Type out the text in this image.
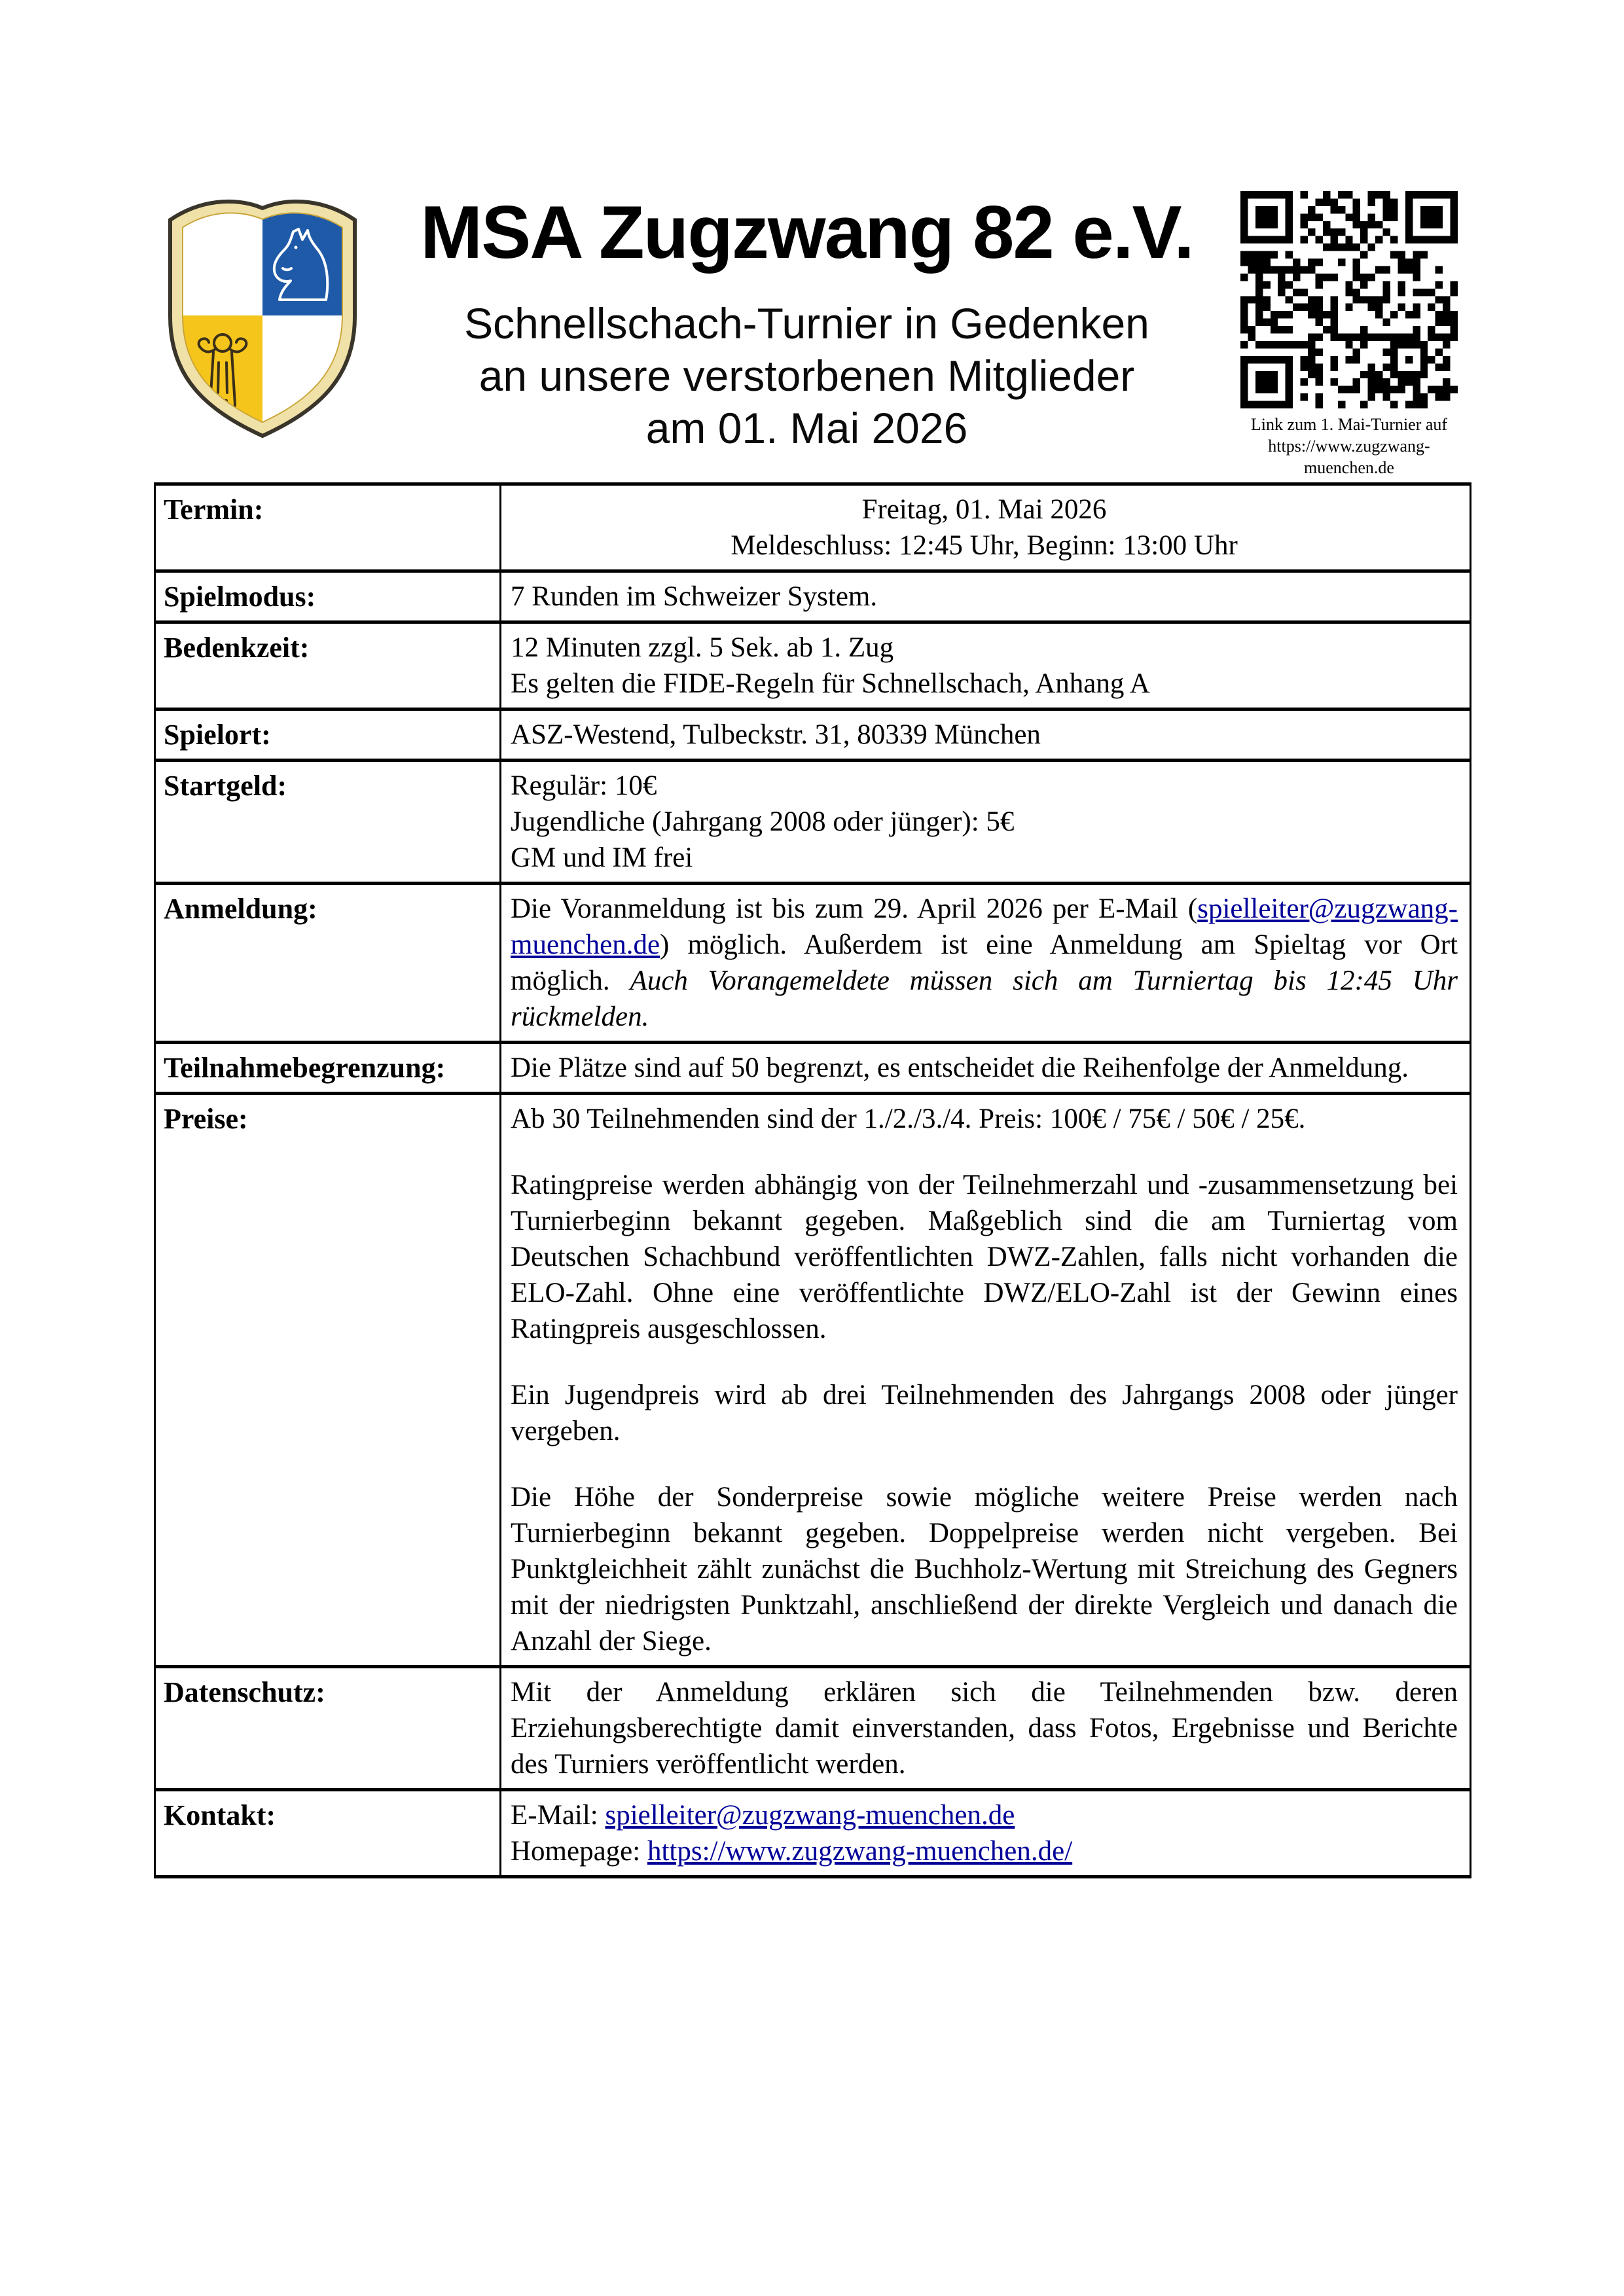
MSA Zugzwang 82 e.V.
Schnellschach-Turnier in Gedenken
an unsere verstorbenen Mitglieder
am 01. Mai 2026	Link zum 1. Mai-Turnier auf
https://www.zugzwang-muenchen.de
Termin:	Freitag, 01. Mai 2026
Meldeschluss: 12:45 Uhr, Beginn: 13:00 Uhr

Spielmodus:	7 Runden im Schweizer System.
Bedenkzeit:	12 Minuten zzgl. 5 Sek. ab 1. Zug
Es gelten die FIDE-Regeln für Schnellschach, Anhang A

Spielort:	ASZ-Westend, Tulbeckstr. 31, 80339 München
Startgeld:	Regulär: 10€
Jugendliche (Jahrgang 2008 oder jünger): 5€
GM und IM frei

Anmeldung:	Die Voranmeldung ist bis zum 29. April 2026 per E-Mail (spielleiter@zugzwang-muenchen.de) möglich. Außerdem ist eine Anmeldung am Spieltag vor Ort möglich. Auch Vorangemeldete müssen sich am Turniertag bis 12:45 Uhr rückmelden.
Teilnahmebegrenzung:	Die Plätze sind auf 50 begrenzt, es entscheidet die Reihenfolge der Anmeldung.
Preise:	Ab 30 Teilnehmenden sind der 1./2./3./4. Preis: 100€ / 75€ / 50€ / 25€.
Ratingpreise werden abhängig von der Teilnehmerzahl und -zusammensetzung bei Turnierbeginn bekannt gegeben. Maßgeblich sind die am Turniertag vom Deutschen Schachbund veröffentlichten DWZ-Zahlen, falls nicht vorhanden die ELO-Zahl. Ohne eine veröffentlichte DWZ/ELO-Zahl ist der Gewinn eines Ratingpreis ausgeschlossen.
Ein Jugendpreis wird ab drei Teilnehmenden des Jahrgangs 2008 oder jünger vergeben.
Die Höhe der Sonderpreise sowie mögliche weitere Preise werden nach Turnierbeginn bekannt gegeben. Doppelpreise werden nicht vergeben. Bei Punktgleichheit zählt zunächst die Buchholz-Wertung mit Streichung des Gegners mit der niedrigsten Punktzahl, anschließend der direkte Vergleich und danach die Anzahl der Siege.

Datenschutz:	Mit der Anmeldung erklären sich die Teilnehmenden bzw. deren Erziehungsberechtigte damit einverstanden, dass Fotos, Ergebnisse und Berichte des Turniers veröffentlicht werden.
Kontakt:	E-Mail: spielleiter@zugzwang-muenchen.de
Homepage: https://www.zugzwang-muenchen.de/
